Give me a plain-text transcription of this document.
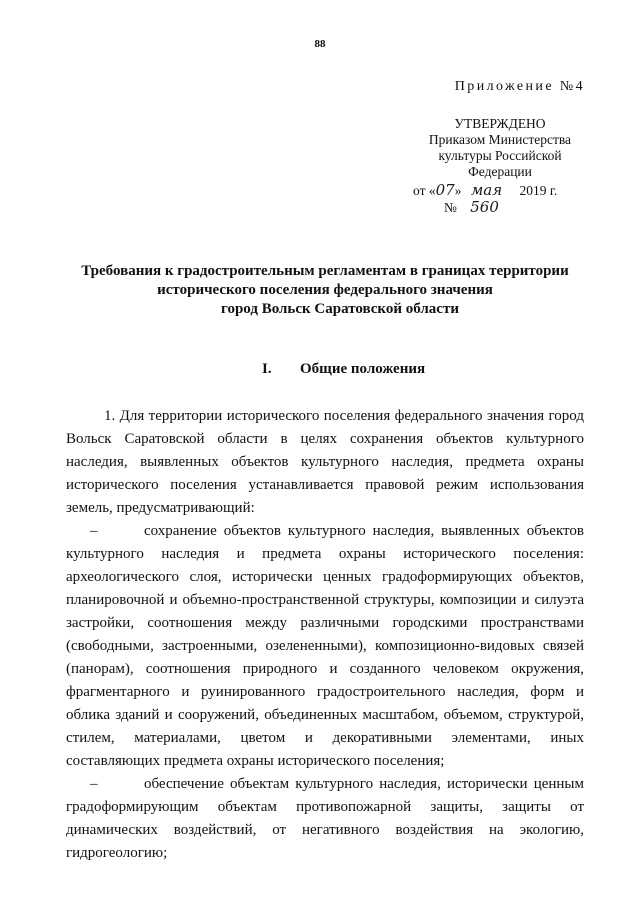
88
Приложение №4
УТВЕРЖДЕНО
Приказом Министерства
культуры Российской
Федерации
от «07» мая 2019 г.
№ 560
Требования к градостроительным регламентам в границах территории
исторического поселения федерального значения
город Вольск Саратовской области
I. Общие положения

1. Для территории исторического поселения федерального значения город Вольск Саратовской области в целях сохранения объектов культурного наследия, выявленных объектов культурного наследия, предмета охраны исторического поселения устанавливается правовой режим использования земель, предусматривающий:

–	сохранение объектов культурного наследия, выявленных объектов культурного наследия и предмета охраны исторического поселения: археологического слоя, исторически ценных градоформирующих объектов, планировочной и объемно-пространственной структуры, композиции и силуэта застройки, соотношения между различными городскими пространствами (свободными, застроенными, озелененными), композиционно-видовых связей (панорам), соотношения природного и созданного человеком окружения, фрагментарного и руинированного градостроительного наследия, форм и облика зданий и сооружений, объединенных масштабом, объемом, структурой, стилем, материалами, цветом и декоративными элементами, иных составляющих предмета охраны исторического поселения;

–	обеспечение объектам культурного наследия, исторически ценным градоформирующим объектам противопожарной защиты, защиты от динамических воздействий, от негативного воздействия на экологию, гидрогеологию;
